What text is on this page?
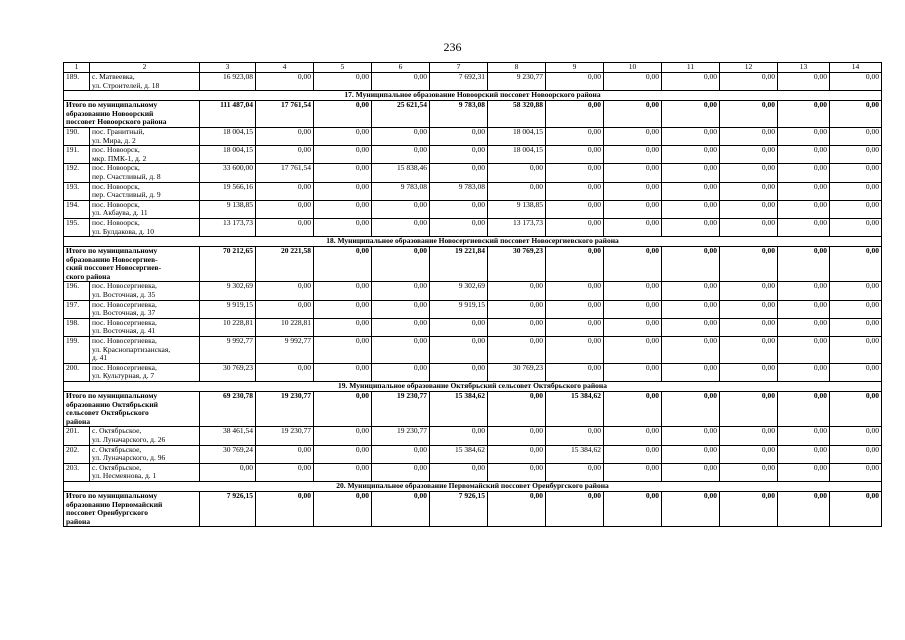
236
1	2	3	4	5	6	7	8	9	10	11	12	13	14
189.	с. Матвеевка,
ул. Строителей, д. 18	16 923,08	0,00	0,00	0,00	7 692,31	9 230,77	0,00	0,00	0,00	0,00	0,00	0,00
17. Муниципальное образование Новоорский поссовет Новоорского района													

Итого по муниципальному
образованию Новоорский
поссовет Новоорского района		111 487,04	17 761,54	0,00	25 621,54	9 783,08	58 320,88	0,00	0,00	0,00	0,00	0,00	0,00
190.	пос. Гранитный,
ул. Мира, д. 2	18 004,15	0,00	0,00	0,00	0,00	18 004,15	0,00	0,00	0,00	0,00	0,00	0,00
191.	пос. Новоорск,
мкр. ПМК-1, д. 2	18 004,15	0,00	0,00	0,00	0,00	18 004,15	0,00	0,00	0,00	0,00	0,00	0,00
192.	пос. Новоорск,
пер. Счастливый, д. 8	33 600,00	17 761,54	0,00	15 838,46	0,00	0,00	0,00	0,00	0,00	0,00	0,00	0,00
193.	пос. Новоорск,
пер. Счастливый, д. 9	19 566,16	0,00	0,00	9 783,08	9 783,08	0,00	0,00	0,00	0,00	0,00	0,00	0,00
194.	пос. Новоорск,
ул. Акбаува, д. 11	9 138,85	0,00	0,00	0,00	0,00	9 138,85	0,00	0,00	0,00	0,00	0,00	0,00
195.	пос. Новоорск,
ул. Булдакова, д. 10	13 173,73	0,00	0,00	0,00	0,00	13 173,73	0,00	0,00	0,00	0,00	0,00	0,00
18. Муниципальное образование Новосергиевский поссовет Новосергиевского района													

Итого по муниципальному
образованию Новосергиев-
ский поссовет Новосергиев-
ского района		70 212,65	20 221,58	0,00	0,00	19 221,84	30 769,23	0,00	0,00	0,00	0,00	0,00	0,00
196.	пос. Новосергиевка,
ул. Восточная, д. 35	9 302,69	0,00	0,00	0,00	9 302,69	0,00	0,00	0,00	0,00	0,00	0,00	0,00
197.	пос. Новосергиевка,
ул. Восточная, д. 37	9 919,15	0,00	0,00	0,00	9 919,15	0,00	0,00	0,00	0,00	0,00	0,00	0,00
198.	пос. Новосергиевка,
ул. Восточная, д. 41	10 228,81	10 228,81	0,00	0,00	0,00	0,00	0,00	0,00	0,00	0,00	0,00	0,00
199.	пос. Новосергиевка,
ул. Краснопартизанская,
д. 41	9 992,77	9 992,77	0,00	0,00	0,00	0,00	0,00	0,00	0,00	0,00	0,00	0,00
200.	пос. Новосергиевка,
ул. Культурная, д. 7	30 769,23	0,00	0,00	0,00	0,00	30 769,23	0,00	0,00	0,00	0,00	0,00	0,00
19. Муниципальное образование Октябрьский сельсовет Октябрьского района													

Итого по муниципальному
образованию Октябрьский
сельсовет Октябрьского
района		69 230,78	19 230,77	0,00	19 230,77	15 384,62	0,00	15 384,62	0,00	0,00	0,00	0,00	0,00
201.	с. Октябрьское,
ул. Луначарского, д. 26	38 461,54	19 230,77	0,00	19 230,77	0,00	0,00	0,00	0,00	0,00	0,00	0,00	0,00
202.	с. Октябрьское,
ул. Луначарского, д. 96	30 769,24	0,00	0,00	0,00	15 384,62	0,00	15 384,62	0,00	0,00	0,00	0,00	0,00
203.	с. Октябрьское,
ул. Несмеянова, д. 1	0,00	0,00	0,00	0,00	0,00	0,00	0,00	0,00	0,00	0,00	0,00	0,00
20. Муниципальное образование Первомайский поссовет Оренбургского района													

Итого по муниципальному
образованию Первомайский
поссовет Оренбургского
района		7 926,15	0,00	0,00	0,00	7 926,15	0,00	0,00	0,00	0,00	0,00	0,00	0,00
